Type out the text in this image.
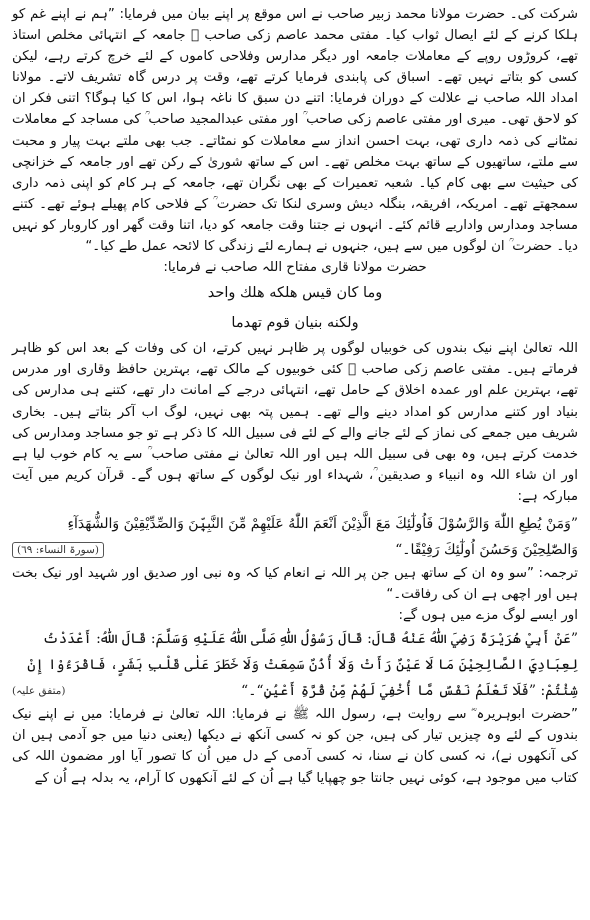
شرکت کی۔ حضرت مولانا محمد زبیر صاحب نے اس موقع پر اپنے بیان میں فرمایا: ”ہم نے اپنے غم کو ہلکا کرنے کے لئے ایصال ثواب کیا۔ مفتی محمد عاصم زکی صاحب ﷫ جامعہ کے انتہائی مخلص استاذ تھے، کروڑوں روپے کے معاملات جامعہ اور دیگر مدارس وفلاحی کاموں کے لئے خرچ کرتے رہے، لیکن کسی کو بتاتے نہیں تھے۔ اسباق کی پابندی فرمایا کرتے تھے، وقت پر درس گاہ تشریف لاتے۔ مولانا امداد اللہ صاحب نے علالت کے دوران فرمایا: اتنے دن سبق کا ناغہ ہوا، اس کا کیا ہوگا؟ اتنی فکر ان کو لاحق تھی۔ میری اور مفتی عاصم زکی صاحب ؒ اور مفتی عبدالمجید صاحب ؒ کی مساجد کے معاملات نمٹانے کی ذمہ داری تھی، بہت احسن انداز سے معاملات کو نمٹاتے۔ جب بھی ملتے بہت پیار و محبت سے ملتے، ساتھیوں کے ساتھ بہت مخلص تھے۔ اس کے ساتھ شوریٰ کے رکن تھے اور جامعہ کے خزانچی کی حیثیت سے بھی کام کیا۔ شعبہ تعمیرات کے بھی نگران تھے، جامعہ کے ہر کام کو اپنی ذمہ داری سمجھتے تھے۔ امریکہ، افریقہ، بنگلہ دیش وسری لنکا تک حضرت ؒ کے فلاحی کام پھیلے ہوئے تھے۔ کتنے مساجد ومدارس واداریے قائم کئے۔ انہوں نے جتنا وقت جامعہ کو دیا، اتنا وقت گھر اور کاروبار کو نہیں دیا۔ حضرت ؒ ان لوگوں میں سے ہیں، جنہوں نے ہمارے لئے زندگی کا لائحہ عمل طے کیا۔“

حضرت مولانا قاری مفتاح اللہ صاحب نے فرمایا:

وما كان قيس هلكه هلك واحد

ولكنه بنيان قوم تهدما

اللہ تعالیٰ اپنے نیک بندوں کی خوبیاں لوگوں پر ظاہر نہیں کرتے، ان کی وفات کے بعد اس کو ظاہر فرماتے ہیں۔ مفتی عاصم زکی صاحب ﷫ کئی خوبیوں کے مالک تھے، بہترین حافظ وقاری اور مدرس تھے، بہترین علم اور عمدہ اخلاق کے حامل تھے، انتہائی درجے کے امانت دار تھے، کتنے ہی مدارس کی بنیاد اور کتنے مدارس کو امداد دینے والے تھے۔ ہمیں پتہ بھی نہیں، لوگ اب آکر بتاتے ہیں۔ بخاری شریف میں جمعے کی نماز کے لئے جانے والے کے لئے فی سبیل اللہ کا ذکر ہے تو جو مساجد ومدارس کی خدمت کرتے ہیں، وہ بھی فی سبیل اللہ ہیں اور اللہ تعالیٰ نے مفتی صاحب ؒ سے یہ کام خوب لیا ہے اور ان شاء اللہ وہ انبیاء و صدیقین ؒ، شہداء اور نیک لوگوں کے ساتھ ہوں گے۔ قرآن کریم میں آیت مبارکہ ہے:

”وَمَنْ يُطِعِ اللّٰهَ وَالرَّسُوْلَ فَاُولٰٓئِكَ مَعَ الَّذِيْنَ اَنْعَمَ اللّٰهُ عَلَيْهِمْ مِّنَ النَّبِيّٖنَ وَالصِّدِّيْقِيْنَ وَالشُّهَدَآءِ وَالصّٰلِحِيْنَ وَحَسُنَ اُولٰٓئِكَ رَفِيْقًا۔“
(سورۃ النساء: ٦٩)

ترجمہ: ”سو وہ ان کے ساتھ ہیں جن پر اللہ نے انعام کیا کہ وہ نبی اور صدیق اور شہید اور نیک بخت ہیں اور اچھی ہے ان کی رفاقت۔“

اور ایسے لوگ مزے میں ہوں گے:

”عَنْ أَبِيْ هُرَيْرَةَ رَضِيَ اللّٰهُ عَنْهُ قَالَ: قَالَ رَسُوْلُ اللّٰهِ صَلَّى اللّٰهُ عَلَيْهِ وَسَلَّمَ: قَالَ اللّٰهُ: أَعْدَدْتُ لِعِبَادِيَ الصَّالِحِيْنَ مَا لَا عَيْنٌ رَأَتْ وَلَا أُذُنٌ سَمِعَتْ وَلَا خَطَرَ عَلٰى قَلْبِ بَشَرٍ، فَاقْرَءُوْا إِنْ شِئْتُمْ: ”فَلَا تَعْلَمُ نَفْسٌ مَّا أُخْفِيَ لَهُمْ مِّنْ قُرَّةِ أَعْيُنٍ“۔“
(متفق علیہ)

”حضرت ابوہریرہ ؓ سے روایت ہے، رسول اللہ ﷺ نے فرمایا: اللہ تعالیٰ نے فرمایا: میں نے اپنے نیک بندوں کے لئے وہ چیزیں تیار کی ہیں، جن کو نہ کسی آنکھ نے دیکھا (یعنی دنیا میں جو آدمی ہیں ان کی آنکھوں نے)، نہ کسی کان نے سنا، نہ کسی آدمی کے دل میں اُن کا تصور آیا اور مضمون اللہ کی کتاب میں موجود ہے، کوئی نہیں جانتا جو چھپایا گیا ہے اُن کے لئے آنکھوں کا آرام، یہ بدلہ ہے اُن کے
